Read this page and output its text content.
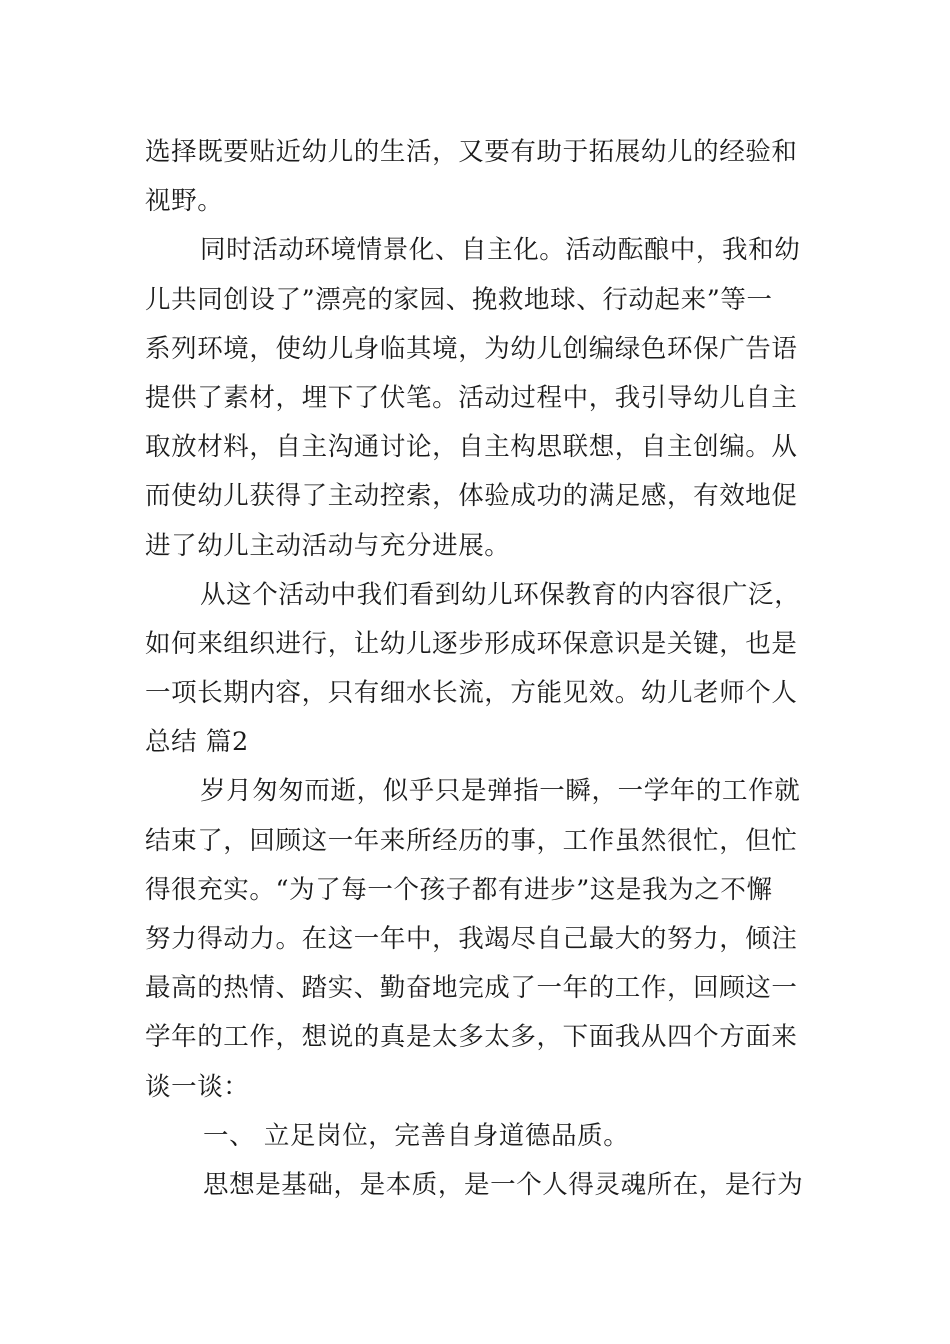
选择既要贴近幼儿的生活，又要有助于拓展幼儿的经验和
视野。
同时活动环境情景化、自主化。活动酝酿中，我和幼
儿共同创设了”漂亮的家园、挽救地球、行动起来”等一
系列环境，使幼儿身临其境，为幼儿创编绿色环保广告语
提供了素材，埋下了伏笔。活动过程中，我引导幼儿自主
取放材料，自主沟通讨论，自主构思联想，自主创编。从
而使幼儿获得了主动控索，体验成功的满足感，有效地促
进了幼儿主动活动与充分进展。
从这个活动中我们看到幼儿环保教育的内容很广泛，
如何来组织进行，让幼儿逐步形成环保意识是关键，也是
一项长期内容，只有细水长流，方能见效。幼儿老师个人
总结 篇2
岁月匆匆而逝，似乎只是弹指一瞬，一学年的工作就
结束了，回顾这一年来所经历的事，工作虽然很忙，但忙
得很充实。“为了每一个孩子都有进步”这是我为之不懈
努力得动力。在这一年中，我竭尽自己最大的努力，倾注
最高的热情、踏实、勤奋地完成了一年的工作，回顾这一
学年的工作，想说的真是太多太多，下面我从四个方面来
谈一谈：
一、 立足岗位，完善自身道德品质。
思想是基础，是本质，是一个人得灵魂所在，是行为
